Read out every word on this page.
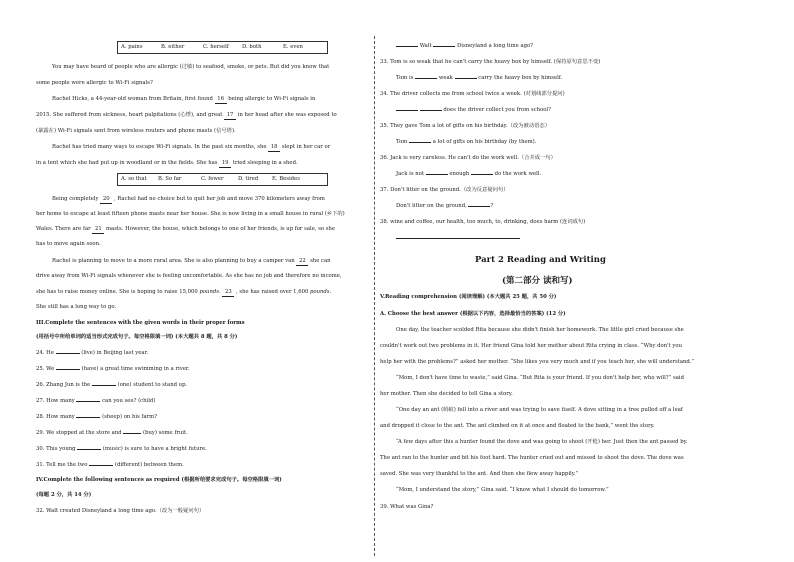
A. pains	B. either	C. herself D. both	E. even
You may have heard of people who are allergic (过敏) to seafood, smoke, or pets. But did you know that
some people were allergic to Wi-Fi signals?
Rachel Hicks, a 44-year-old woman from Britain, first found 16 being allergic to Wi-Fi signals in
2015. She suffered from sickness, heart palpitations (心悸), and great 17 in her head after she was exposed to
(暴露在) Wi-Fi signals sent from wireless routers and phone masts (信号塔).
Rachel has tried many ways to escape Wi-Fi signals. In the past six months, she 18 slept in her car or
in a tent which she had put up in woodland or in the fields. She has 19 tried sleeping in a shed.
A. so that B. So far	C. fewer	D. tired	E. Besides
Being completely 20 , Rachel had no choice but to quit her job and move 370 kilometers away from
her home to escape at least fifteen phone masts near her house. She is now living in a small house in rural (乡下的)
Wales. There are far 21 masts. However, the house, which belongs to one of her friends, is up for sale, so she
has to move again soon.
Rachel is planning to move to a more rural area. She is also planning to buy a camper van 22 she can
drive away from Wi-Fi signals whenever she is feeling uncomfortable. As she has no job and therefore no income,
she has to raise money online. She is hoping to raise 15,000 pounds. 23 , she has raised over 1,600 pounds.
She still has a long way to go.
III.Complete the sentences with the given words in their proper forms
(用括号中所给单词的适当形式完成句子。每空格限填一词) (本大题共 8 题，共 8 分)
24. He	(live) in Beijing last year.
25. We	(have) a great time swimming in a river.
26. Zhang Jun is the	(one) student to stand up.
27. How many	can you see? (child)
28. How many	(sheep) on his farm?
29. We stopped at the store and	(buy) some fruit.
30. This young	(music) is sure to have a bright future.
31. Tell me the two	(different) between them.
IV.Complete the following sentences as required (根据所给要求完成句子。每空格限填一词)
(每题 2 分，共 14 分)
32. Walt created Disneyland a long time ago.（改为一般疑问句）
Walt	Disneyland a long time ago?
33. Tom is so weak that he can't carry the heavy box by himself. (保持原句意思不变)
Tom is	weak	carry the heavy box by himself.
34. The driver collects me from school twice a week. (对划线部分提问)
does the driver collect you from school?
35. They gave Tom a lot of gifts on his birthday.（改为被动语态）
Tom	a lot of gifts on his birthday (by them).
36. Jack is very careless. He can't do the work well.（合并成一句）
Jack is not	enough	do the work well.
37. Don't litter on the ground.（改为反意疑问句）
Don't litter on the ground,	?
38. wine and coffee, our health, too much, to, drinking, does harm (连词成句)
Part 2 Reading and Writing
(第二部分 读和写)
V.Reading comprehension (阅读理解) (本大题共 25 题，共 50 分)
A. Choose the best answer (根据以下内容，选择最恰当的答案) (12 分)
One day, the teacher scolded Rita because she didn't finish her homework. The little girl cried because she
couldn't work out two problems in it. Her friend Gina told her mother about Rita crying in class. “Why don't you
help her with the problems?” asked her mother. “She likes you very much and if you teach her, she will understand.”
“Mom, I don't have time to waste,” said Gina. “But Rita is your friend. If you don't help her, who will?” said
her mother. Then she decided to tell Gina a story.
“One day an ant (蚂蚁) fell into a river and was trying to save itself. A dove sitting in a tree pulled off a leaf
and dropped it close to the ant. The ant climbed on it at once and floated to the bank,” went the story.
“A few days after this a hunter found the dove and was going to shoot (开枪) her. Just then the ant passed by.
The ant ran to the hunter and bit his foot hard. The hunter cried out and missed to shoot the dove. The dove was
saved. She was very thankful to the ant. And then she flew away happily.”
“Mom, I understand the story,” Gina said. “I know what I should do tomorrow.”
39. What was Gina?
